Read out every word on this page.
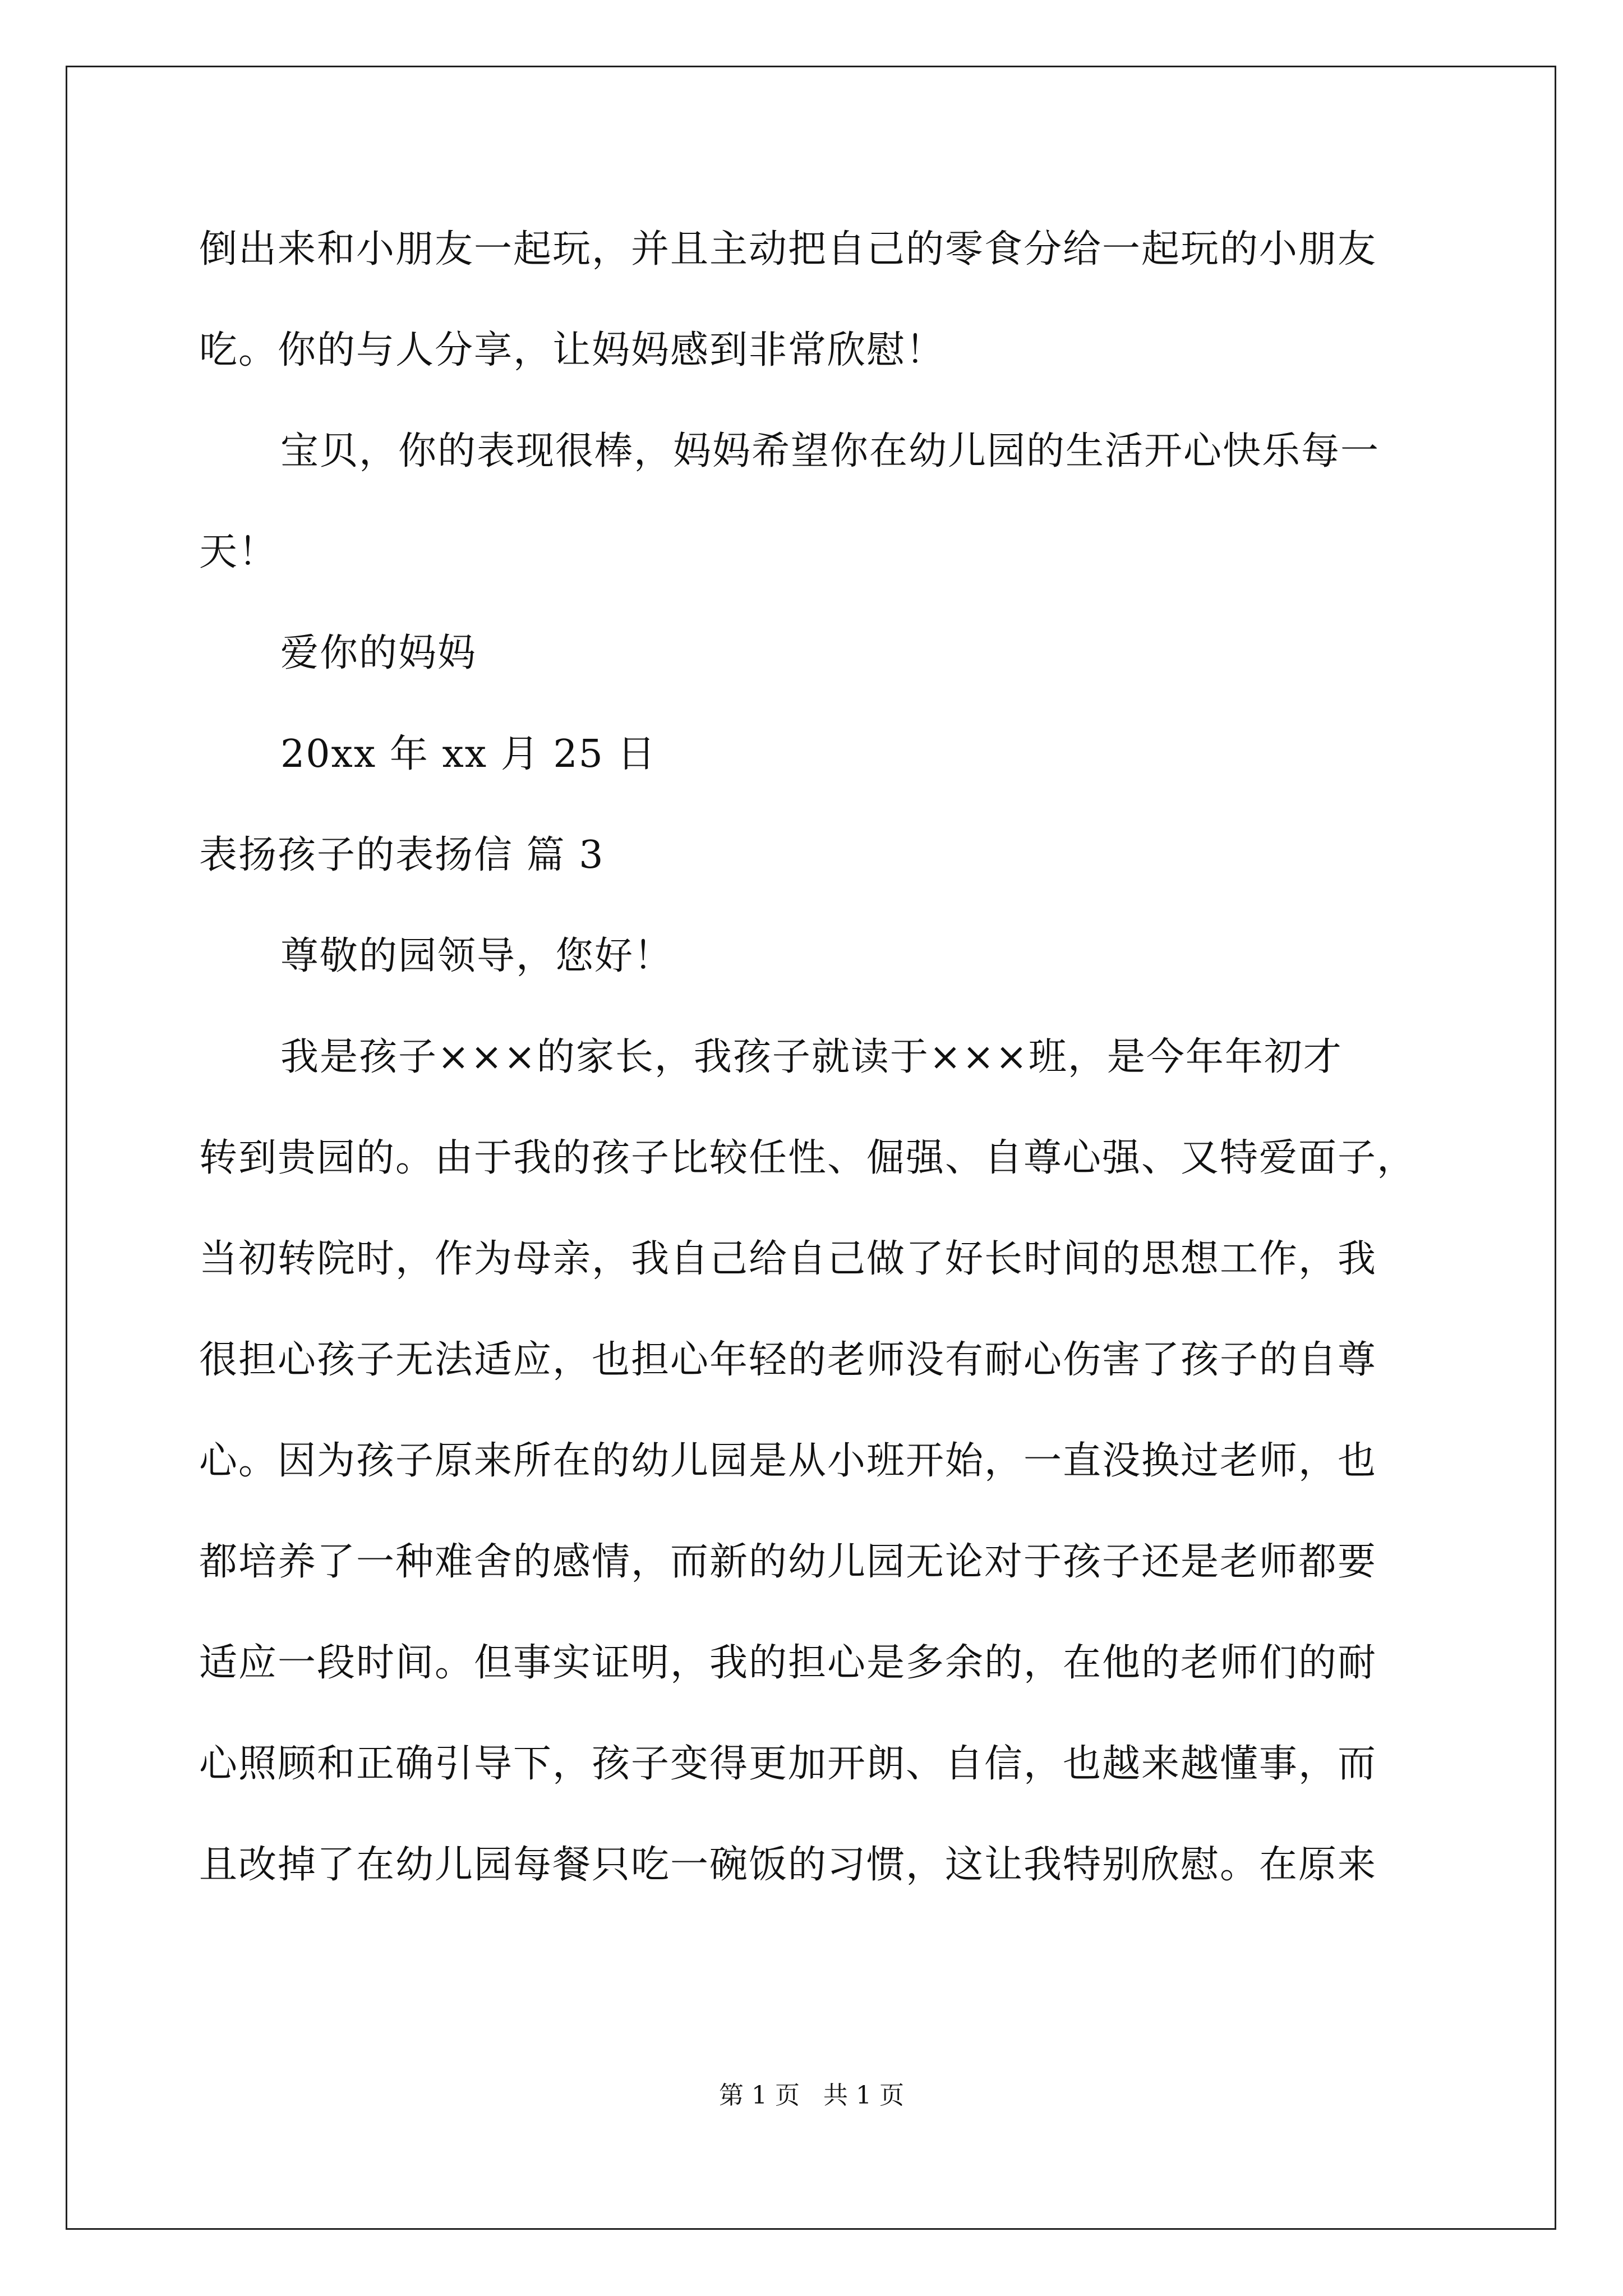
倒出来和小朋友一起玩，并且主动把自己的零食分给一起玩的小朋友
吃。你的与人分享，让妈妈感到非常欣慰！
宝贝，你的表现很棒，妈妈希望你在幼儿园的生活开心快乐每一
天！
爱你的妈妈
20xx 年 xx 月 25 日
表扬孩子的表扬信 篇 3
尊敬的园领导，您好！
我是孩子×××的家长，我孩子就读于×××班，是今年年初才
转到贵园的。由于我的孩子比较任性、倔强、自尊心强、又特爱面子，
当初转院时，作为母亲，我自己给自己做了好长时间的思想工作，我
很担心孩子无法适应，也担心年轻的老师没有耐心伤害了孩子的自尊
心。因为孩子原来所在的幼儿园是从小班开始，一直没换过老师，也
都培养了一种难舍的感情，而新的幼儿园无论对于孩子还是老师都要
适应一段时间。但事实证明，我的担心是多余的，在他的老师们的耐
心照顾和正确引导下，孩子变得更加开朗、自信，也越来越懂事，而
且改掉了在幼儿园每餐只吃一碗饭的习惯，这让我特别欣慰。在原来
第 1 页   共 1 页
